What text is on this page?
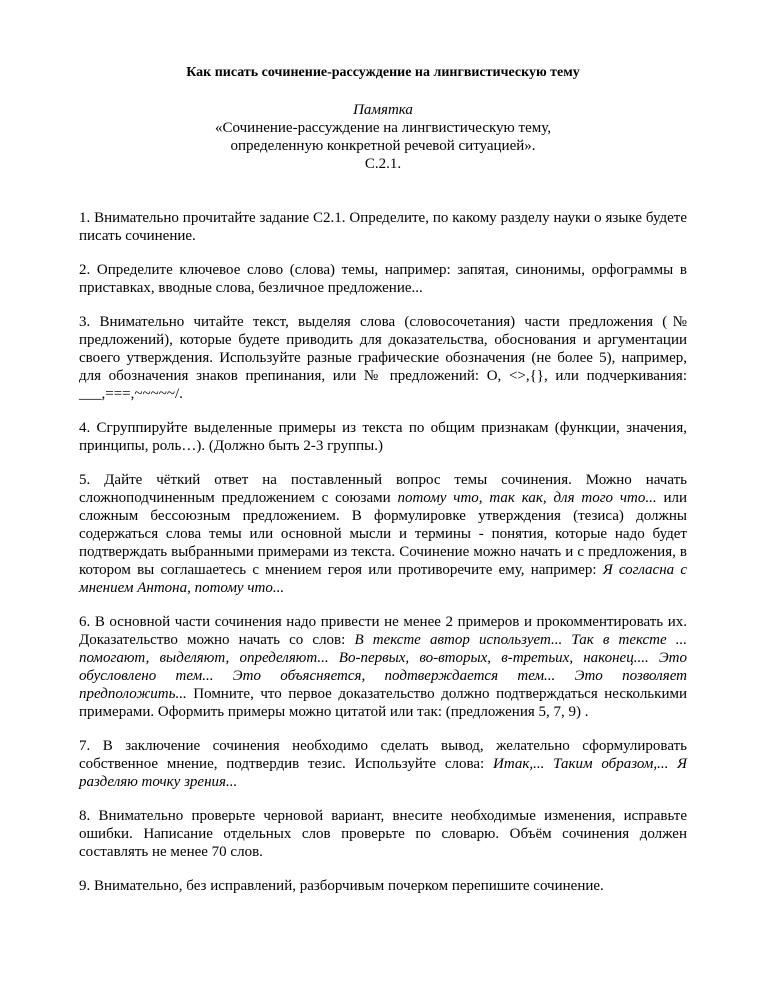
Как писать сочинение-рассуждение на лингвистическую тему
Памятка
«Сочинение-рассуждение на лингвистическую тему,
определенную конкретной речевой ситуацией».
С.2.1.

1. Внимательно прочитайте задание С2.1. Определите, по какому разделу науки о языке будете писать сочинение.

2. Определите ключевое слово (слова) темы, например: запятая, синонимы, орфограммы в приставках, вводные слова, безличное предложение...

3. Внимательно читайте текст, выделяя слова (словосочетания) части предложения (№ предложений), которые будете приводить для доказательства, обоснования и аргументации своего утверждения. Используйте разные графические обозначения (не более 5), например, для обозначения знаков препинания, или № предложений: О, <>,{}, или подчеркивания: ___,===,~~~~~/.

4. Сгруппируйте выделенные примеры из текста по общим признакам (функции, значения, принципы, роль…). (Должно быть 2-3 группы.)

5. Дайте чёткий ответ на поставленный вопрос темы сочинения. Можно начать сложноподчиненным предложением с союзами потому что, так как, для того что... или сложным бессоюзным предложением. В формулировке утверждения (тезиса) должны содержаться слова темы или основной мысли и термины - понятия, которые надо будет подтверждать выбранными примерами из текста. Сочинение можно начать и с предложения, в котором вы соглашаетесь с мнением героя или противоречите ему, например: Я согласна с мнением Антона, потому что...

6. В основной части сочинения надо привести не менее 2 примеров и прокомментировать их. Доказательство можно начать со слов: В тексте автор использует... Так в тексте ... помогают, выделяют, определяют... Во-первых, во-вторых, в-третьих, наконец.... Это обусловлено тем... Это объясняется, подтверждается тем... Это позволяет предположить... Помните, что первое доказательство должно подтверждаться несколькими примерами. Оформить примеры можно цитатой или так: (предложения 5, 7, 9) .

7. В заключение сочинения необходимо сделать вывод, желательно сформулировать собственное мнение, подтвердив тезис. Используйте слова: Итак,... Таким образом,... Я разделяю точку зрения...

8. Внимательно проверьте черновой вариант, внесите необходимые изменения, исправьте ошибки. Написание отдельных слов проверьте по словарю. Объём сочинения должен составлять не менее 70 слов.

9. Внимательно, без исправлений, разборчивым почерком перепишите сочинение.
